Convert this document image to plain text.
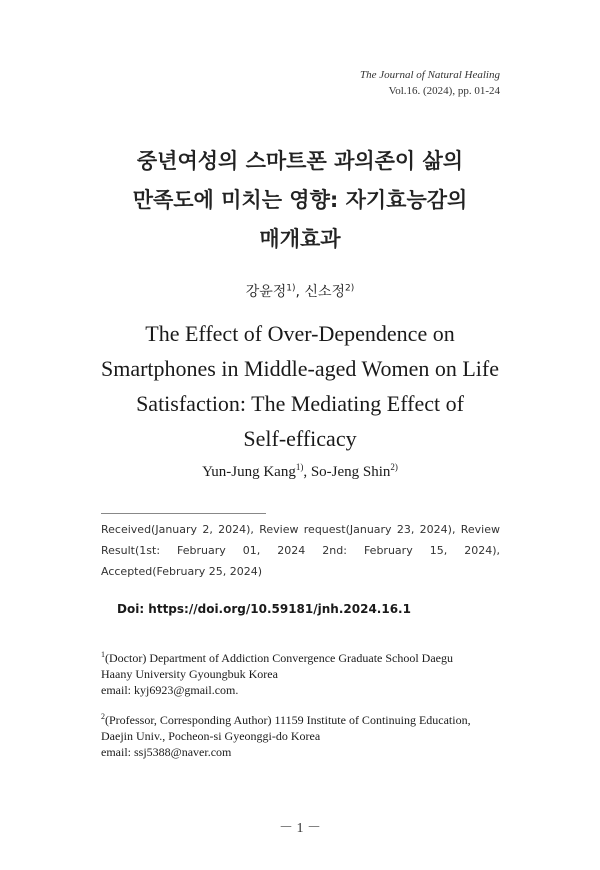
The Journal of Natural Healing
Vol.16. (2024), pp. 01-24
중년여성의 스마트폰 과의존이 삶의
만족도에 미치는 영향: 자기효능감의
매개효과
강윤정$^{1)}$, 신소정$^{2)}$
The Effect of Over-Dependence on
Smartphones in Middle-aged Women on Life
Satisfaction: The Mediating Effect of
Self-efficacy
Yun-Jung Kang$^{1)}$, So-Jeng Shin$^{2)}$
Received(January 2, 2024), Review request(January 23, 2024), Review Result(1st: February 01, 2024 2nd: February 15, 2024), Accepted(February 25, 2024)
Doi: https://doi.org/10.59181/jnh.2024.16.1
$^1$(Doctor) Department of Addiction Convergence Graduate School Daegu
Haany University Gyoungbuk Korea
email: kyj6923@gmail.com.
$^2$(Professor, Corresponding Author) 11159 Institute of Continuing Education,
Daejin Univ., Pocheon-si Gyeonggi-do Korea
email: ssj5388@naver.com
－ 1 －
